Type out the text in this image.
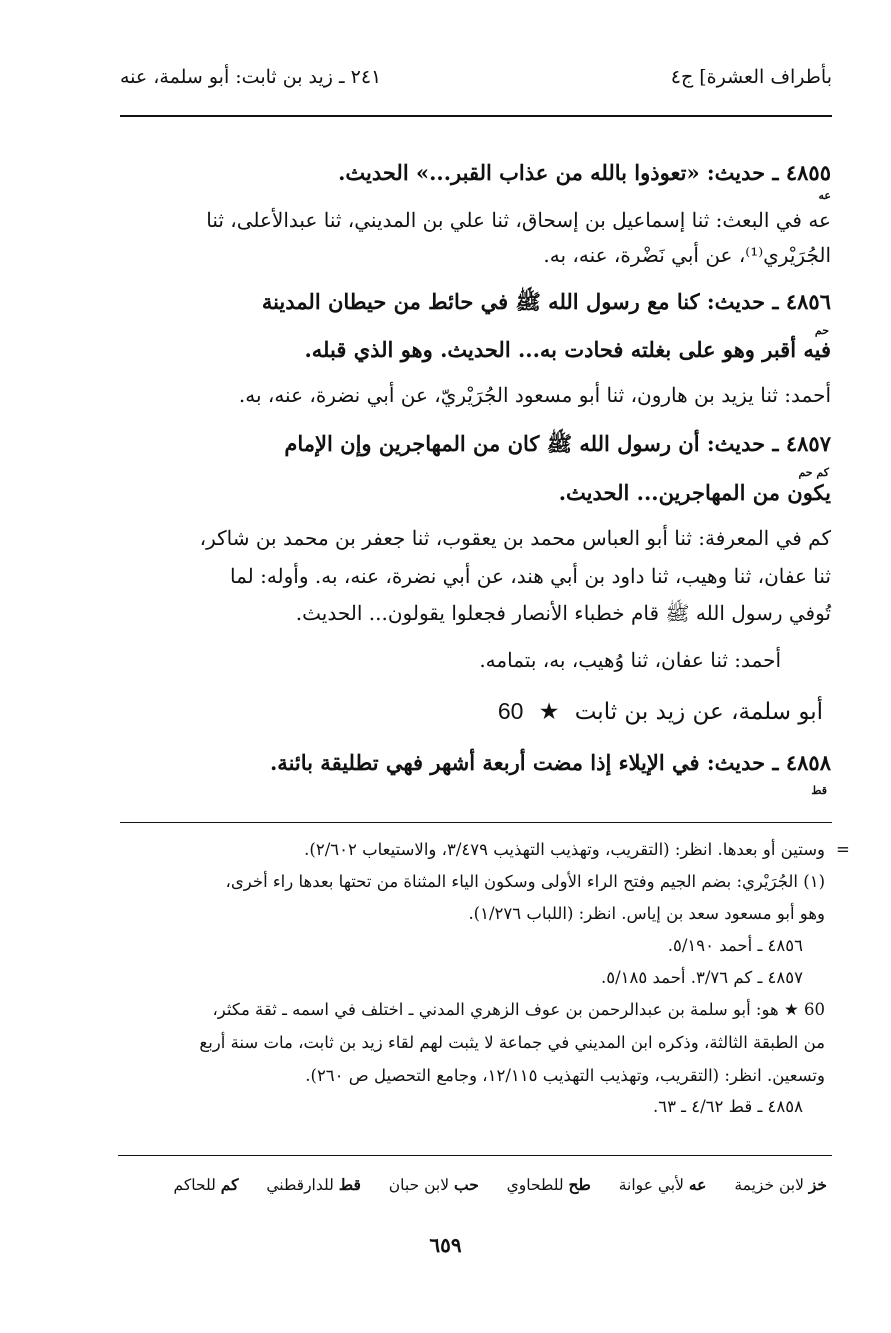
٢٤١ ـ زيد بن ثابت: أبو سلمة، عنه	بأطراف العشرة] ج٤
٤٨٥٥ ـ حديث: «تعوذوا بالله من عذاب القبر...» الحديث.
عه
عه في البعث: ثنا إسماعيل بن إسحاق، ثنا علي بن المديني، ثنا عبدالأعلى، ثنا
الجُرَيْري⁽¹⁾، عن أبي نَضْرة، عنه، به.
٤٨٥٦ ـ حديث: كنا مع رسول الله ﷺ في حائط من حيطان المدينة
حم
فيه أقبر وهو على بغلته فحادت به... الحديث. وهو الذي قبله.
أحمد: ثنا يزيد بن هارون، ثنا أبو مسعود الجُرَيْريّ، عن أبي نضرة، عنه، به.
٤٨٥٧ ـ حديث: أن رسول الله ﷺ كان من المهاجرين وإن الإمام
كم حم
يكون من المهاجرين... الحديث.
كم في المعرفة: ثنا أبو العباس محمد بن يعقوب، ثنا جعفر بن محمد بن شاكر،
ثنا عفان، ثنا وهيب، ثنا داود بن أبي هند، عن أبي نضرة، عنه، به. وأوله: لما
تُوفي رسول الله ﷺ قام خطباء الأنصار فجعلوا يقولون... الحديث.
أحمد: ثنا عفان، ثنا وُهيب، به، بتمامه.
أبو سلمة، عن زيد بن ثابت ★ 60
٤٨٥٨ ـ حديث: في الإيلاء إذا مضت أربعة أشهر فهي تطليقة بائنة.
قط
=
وستين أو بعدها. انظر: (التقريب، وتهذيب التهذيب ٣/٤٧٩، والاستيعاب ٢/٦٠٢).
(١) الجُرَيْري: بضم الجيم وفتح الراء الأولى وسكون الياء المثناة من تحتها بعدها راء أخرى،
وهو أبو مسعود سعد بن إياس. انظر: (اللباب ١/٢٧٦).
٤٨٥٦ ـ أحمد ٥/١٩٠.
٤٨٥٧ ـ كم ٣/٧٦. أحمد ٥/١٨٥.
60 ★ هو: أبو سلمة بن عبدالرحمن بن عوف الزهري المدني ـ اختلف في اسمه ـ ثقة مكثر،
من الطبقة الثالثة، وذكره ابن المديني في جماعة لا يثبت لهم لقاء زيد بن ثابت، مات سنة أربع
وتسعين. انظر: (التقريب، وتهذيب التهذيب ١٢/١١٥، وجامع التحصيل ص ٢٦٠).
٤٨٥٨ ـ قط ٤/٦٢ ـ ٦٣.
خز لابن خزيمة  عه لأبي عوانة  طح للطحاوي  حب لابن حبان  قط للدارقطني  كم للحاكم
٦٥٩
